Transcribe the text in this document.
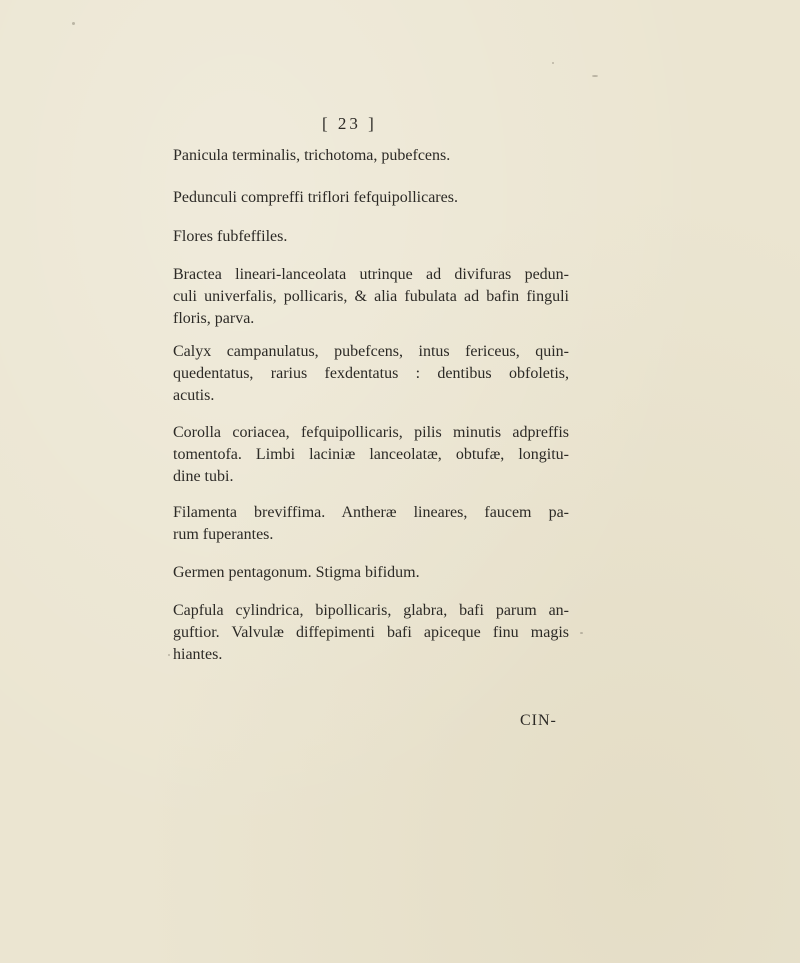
[ 23 ]

Panicula terminalis, trichotoma, pubefcens.

Pedunculi compreffi triflori fefquipollicares.

Flores fubfeffiles.

Bractea lineari-lanceolata utrinque ad divifuras pedun-
culi univerfalis, pollicaris, & alia fubulata ad bafin finguli
floris, parva.

Calyx campanulatus, pubefcens, intus fericeus, quin-
quedentatus, rarius fexdentatus : dentibus obfoletis,
acutis.

Corolla coriacea, fefquipollicaris, pilis minutis adpreffis
tomentofa. Limbi laciniæ lanceolatæ, obtufæ, longitu-
dine tubi.

Filamenta breviffima. Antheræ lineares, faucem pa-
rum fuperantes.

Germen pentagonum. Stigma bifidum.

Capfula cylindrica, bipollicaris, glabra, bafi parum an-
guftior. Valvulæ diffepimenti bafi apiceque finu magis
hiantes.

CIN-
